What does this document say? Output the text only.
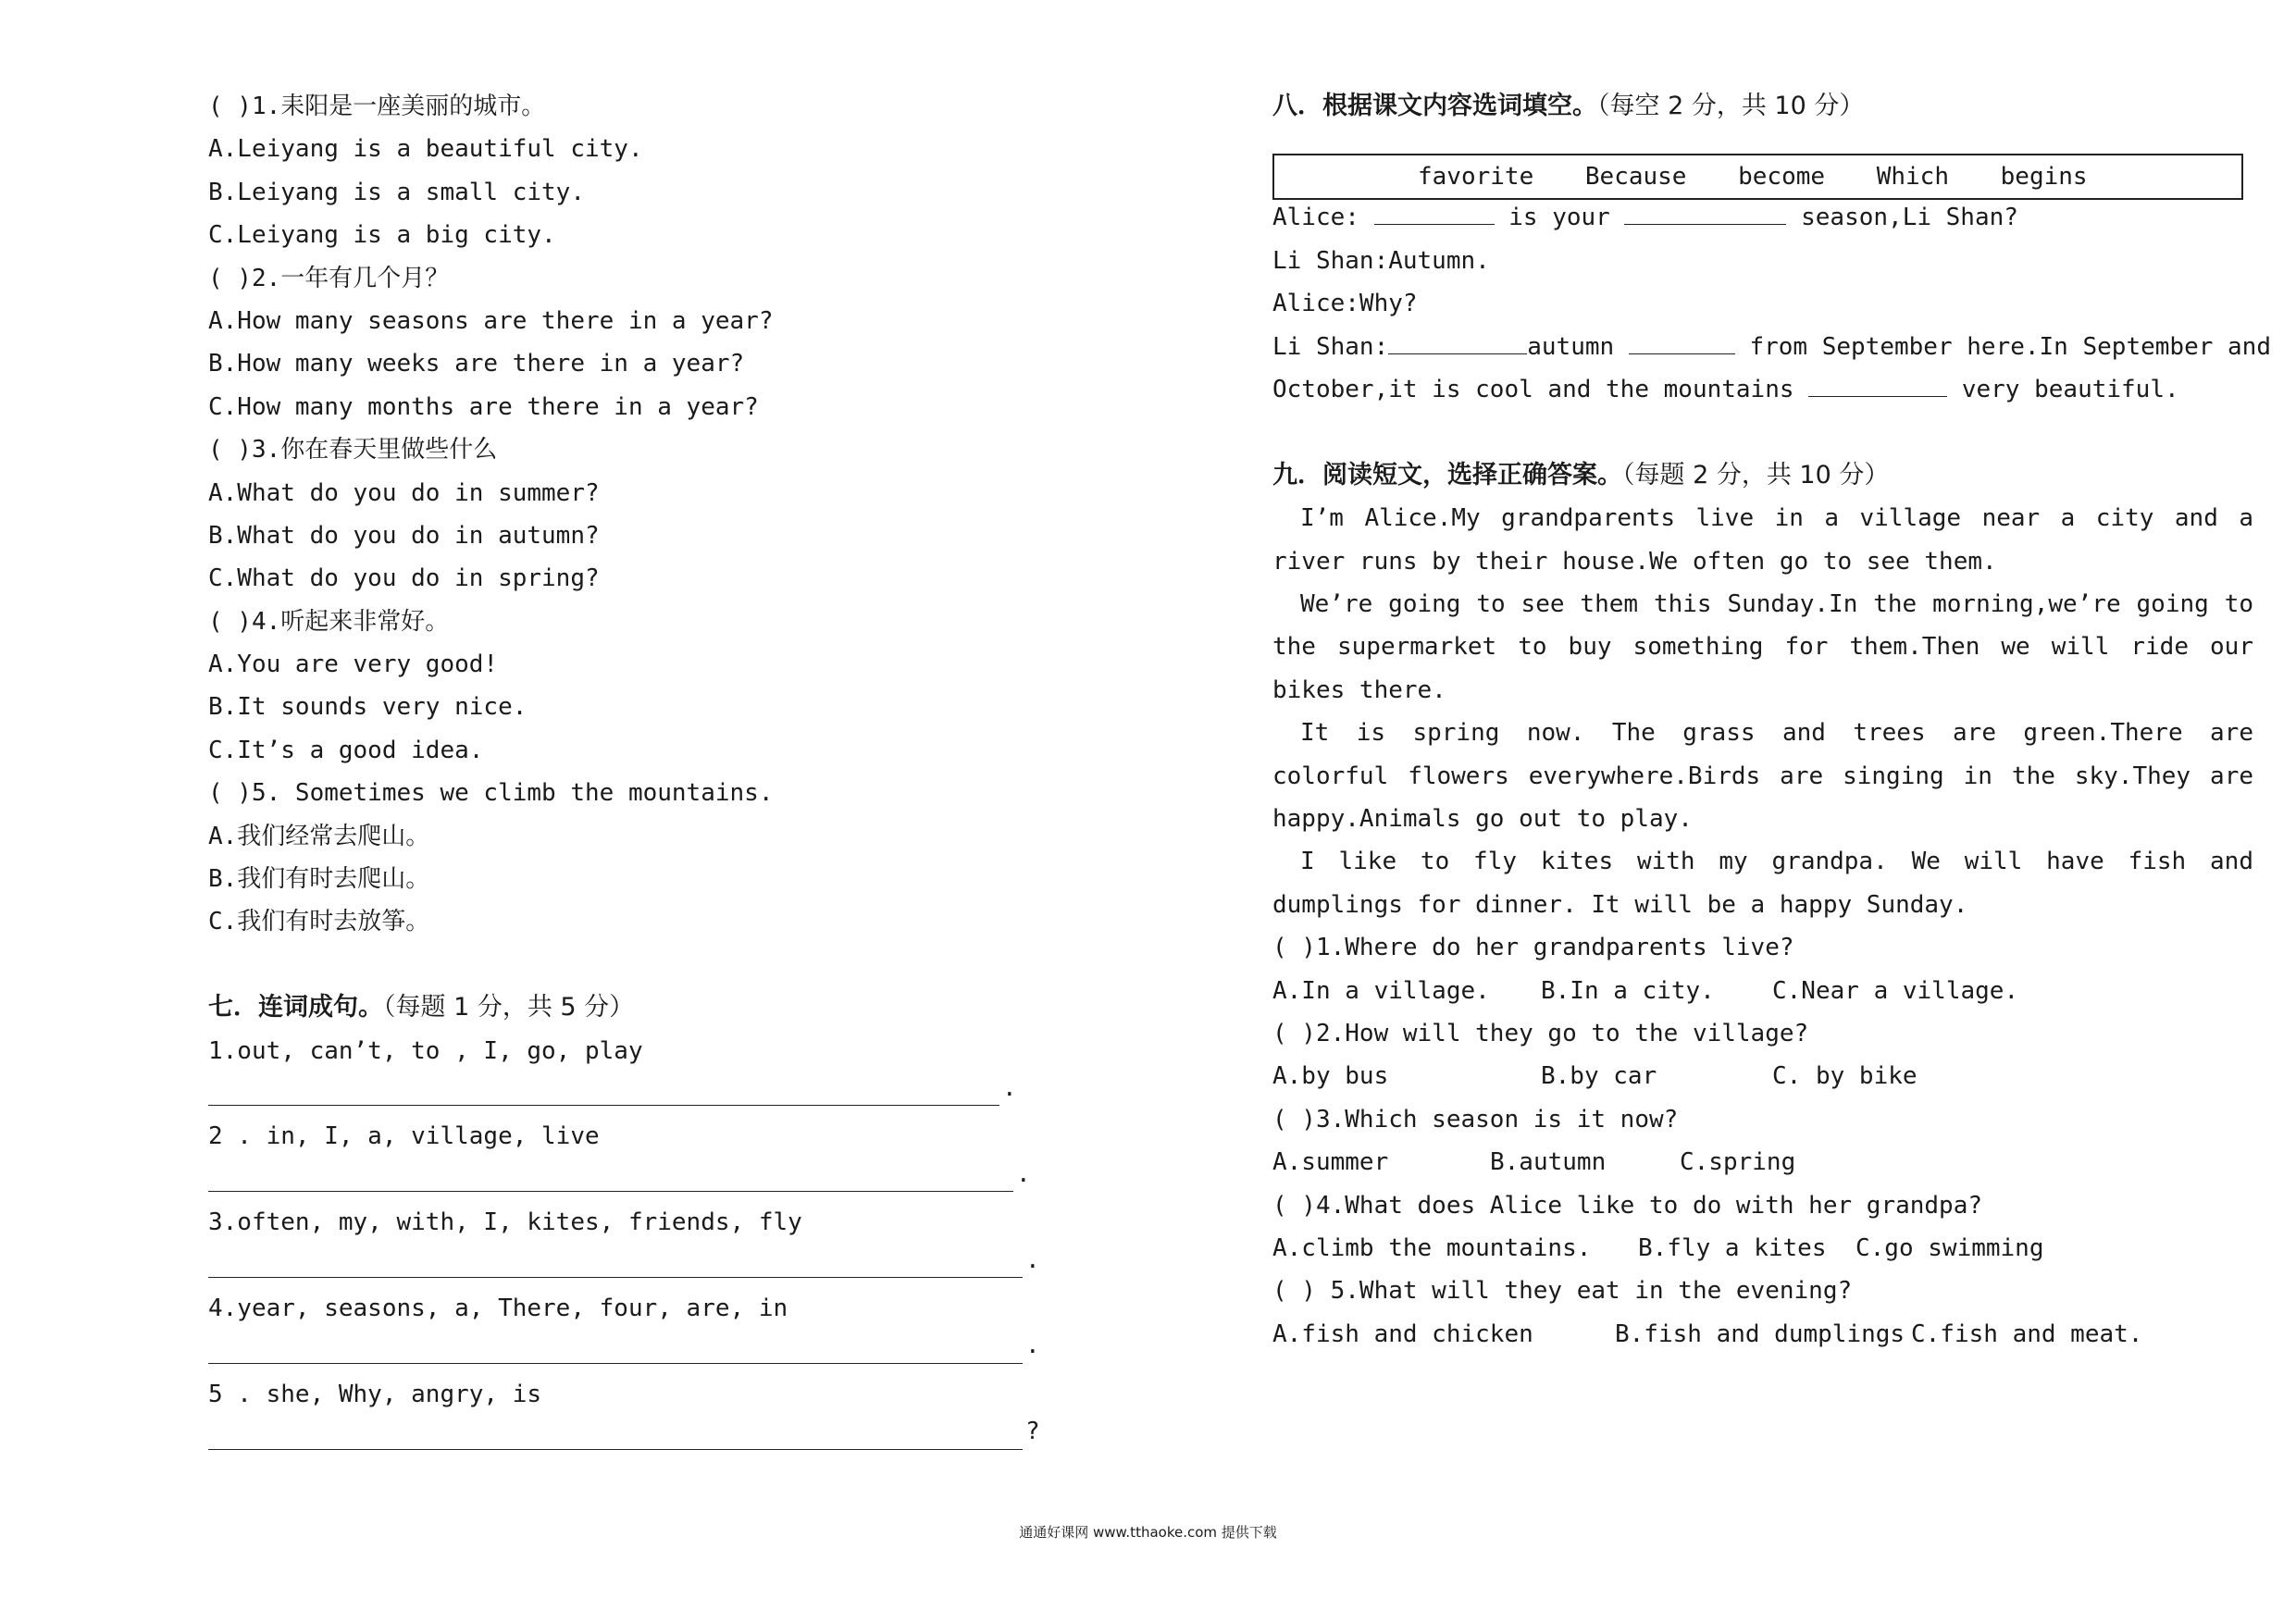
( )1.耒阳是一座美丽的城市。

A.Leiyang is a beautiful city.

B.Leiyang is a small city.

C.Leiyang is a big city.

( )2.一年有几个月？

A.How many seasons are there in a year?

B.How many weeks are there in a year?

C.How many months are there in a year?

( )3.你在春天里做些什么

A.What do you do in summer?

B.What do you do in autumn?

C.What do you do in spring?

( )4.听起来非常好。

A.You are very good!

B.It sounds very nice.

C.It’s a good idea.

( )5. Sometimes we climb the mountains.

A.我们经常去爬山。

B.我们有时去爬山。

C.我们有时去放筝。

七．连词成句。（每题 1 分，共 5 分）

1.out, can’t, to , I, go, play

.

2 . in, I, a, village, live

.

3.often, my, with, I, kites, friends, fly

.

4.year, seasons, a, There, four, are, in

.

5 . she, Why, angry, is

?

八．根据课文内容选词填空。（每空 2 分，共 10 分）

favorite Because become Which begins

Alice:	is your	season,Li Shan?

Li Shan:Autumn.

Alice:Why?

Li Shan:	autumn	from September here.In September and

October,it is cool and the mountains	very beautiful.

九．阅读短文，选择正确答案。（每题 2 分，共 10 分）

I’m Alice.My grandparents live in a village near a city and a river runs by their house.We often go to see them.

We’re going to see them this Sunday.In the morning,we’re going to the supermarket to buy something for them.Then we will ride our bikes there.

It is spring now. The grass and trees are green.There are colorful flowers everywhere.Birds are singing in the sky.They are happy.Animals go out to play.

I like to fly kites with my grandpa. We will have fish and dumplings for dinner. It will be a happy Sunday.

( )1.Where do her grandparents live?

A.In a village. B.In a city. C.Near a village.

( )2.How will they go to the village?

A.by bus	B.by car	C. by bike

( )3.Which season is it now?

A.summer	B.autumn	C.spring

( )4.What does Alice like to do with her grandpa?

A.climb the mountains. B.fly a kites C.go swimming

( ) 5.What will they eat in the evening?

A.fish and chicken	B.fish and dumplings C.fish and meat.

通通好课网 www.tthaoke.com 提供下载
